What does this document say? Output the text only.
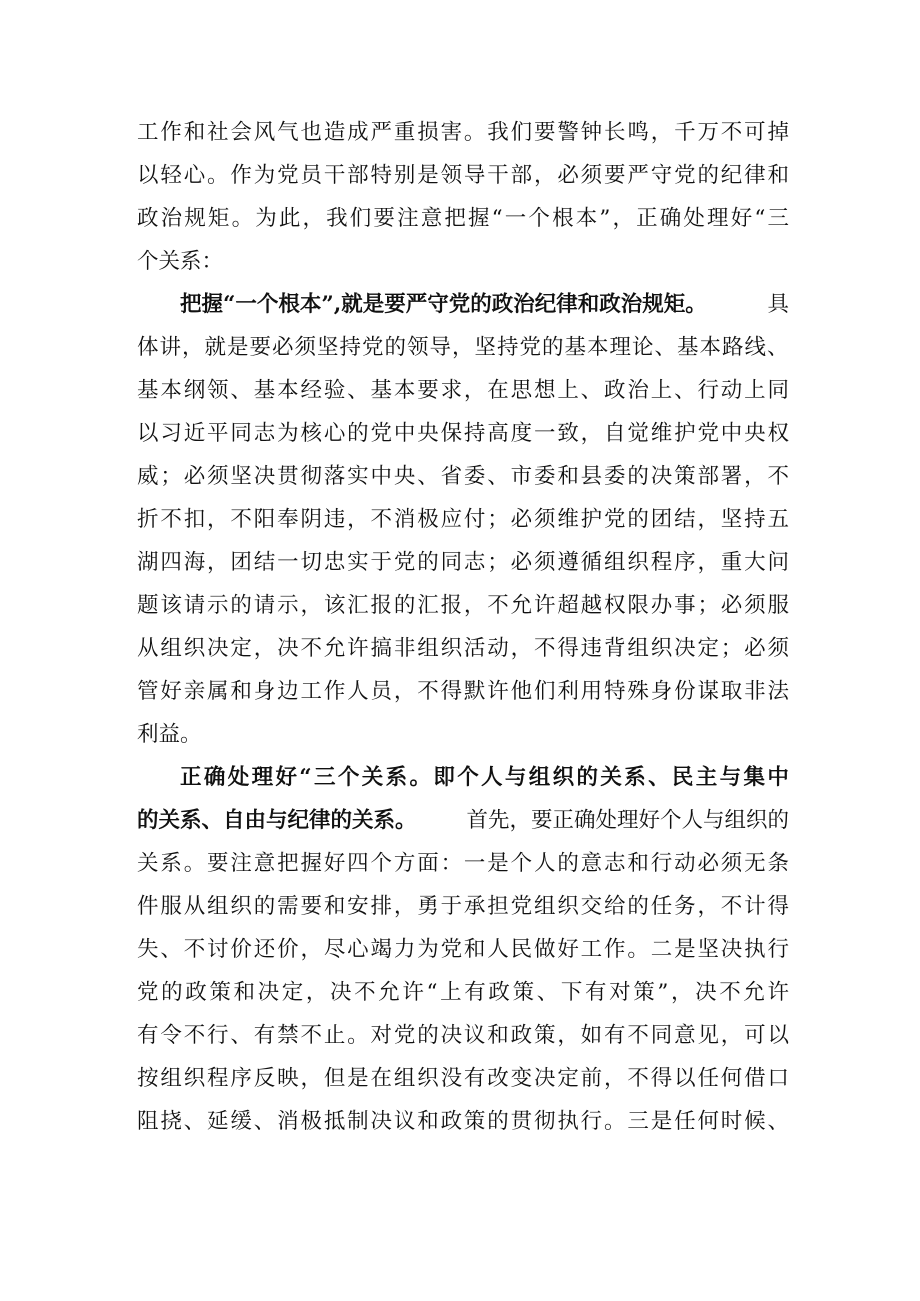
工作和社会风气也造成严重损害。我们要警钟长鸣，千万不可掉
以轻心。作为党员干部特别是领导干部，必须要严守党的纪律和
政治规矩。为此，我们要注意把握“一个根本”，正确处理好“三
个关系：
把握“一个根本”,就是要严守党的政治纪律和政治规矩。	具
体讲，就是要必须坚持党的领导，坚持党的基本理论、基本路线、
基本纲领、基本经验、基本要求，在思想上、政治上、行动上同
以习近平同志为核心的党中央保持高度一致，自觉维护党中央权
威；必须坚决贯彻落实中央、省委、市委和县委的决策部署，不
折不扣，不阳奉阴违，不消极应付；必须维护党的团结，坚持五
湖四海，团结一切忠实于党的同志；必须遵循组织程序，重大问
题该请示的请示，该汇报的汇报，不允许超越权限办事；必须服
从组织决定，决不允许搞非组织活动，不得违背组织决定；必须
管好亲属和身边工作人员，不得默许他们利用特殊身份谋取非法
利益。
正确处理好“三个关系。即个人与组织的关系、民主与集中
的关系、自由与纪律的关系。 首先，要正确处理好个人与组织的
关系。要注意把握好四个方面：一是个人的意志和行动必须无条
件服从组织的需要和安排，勇于承担党组织交给的任务，不计得
失、不讨价还价，尽心竭力为党和人民做好工作。二是坚决执行
党的政策和决定，决不允许“上有政策、下有对策”，决不允许
有令不行、有禁不止。对党的决议和政策，如有不同意见，可以
按组织程序反映，但是在组织没有改变决定前，不得以任何借口
阻挠、延缓、消极抵制决议和政策的贯彻执行。三是任何时候、
